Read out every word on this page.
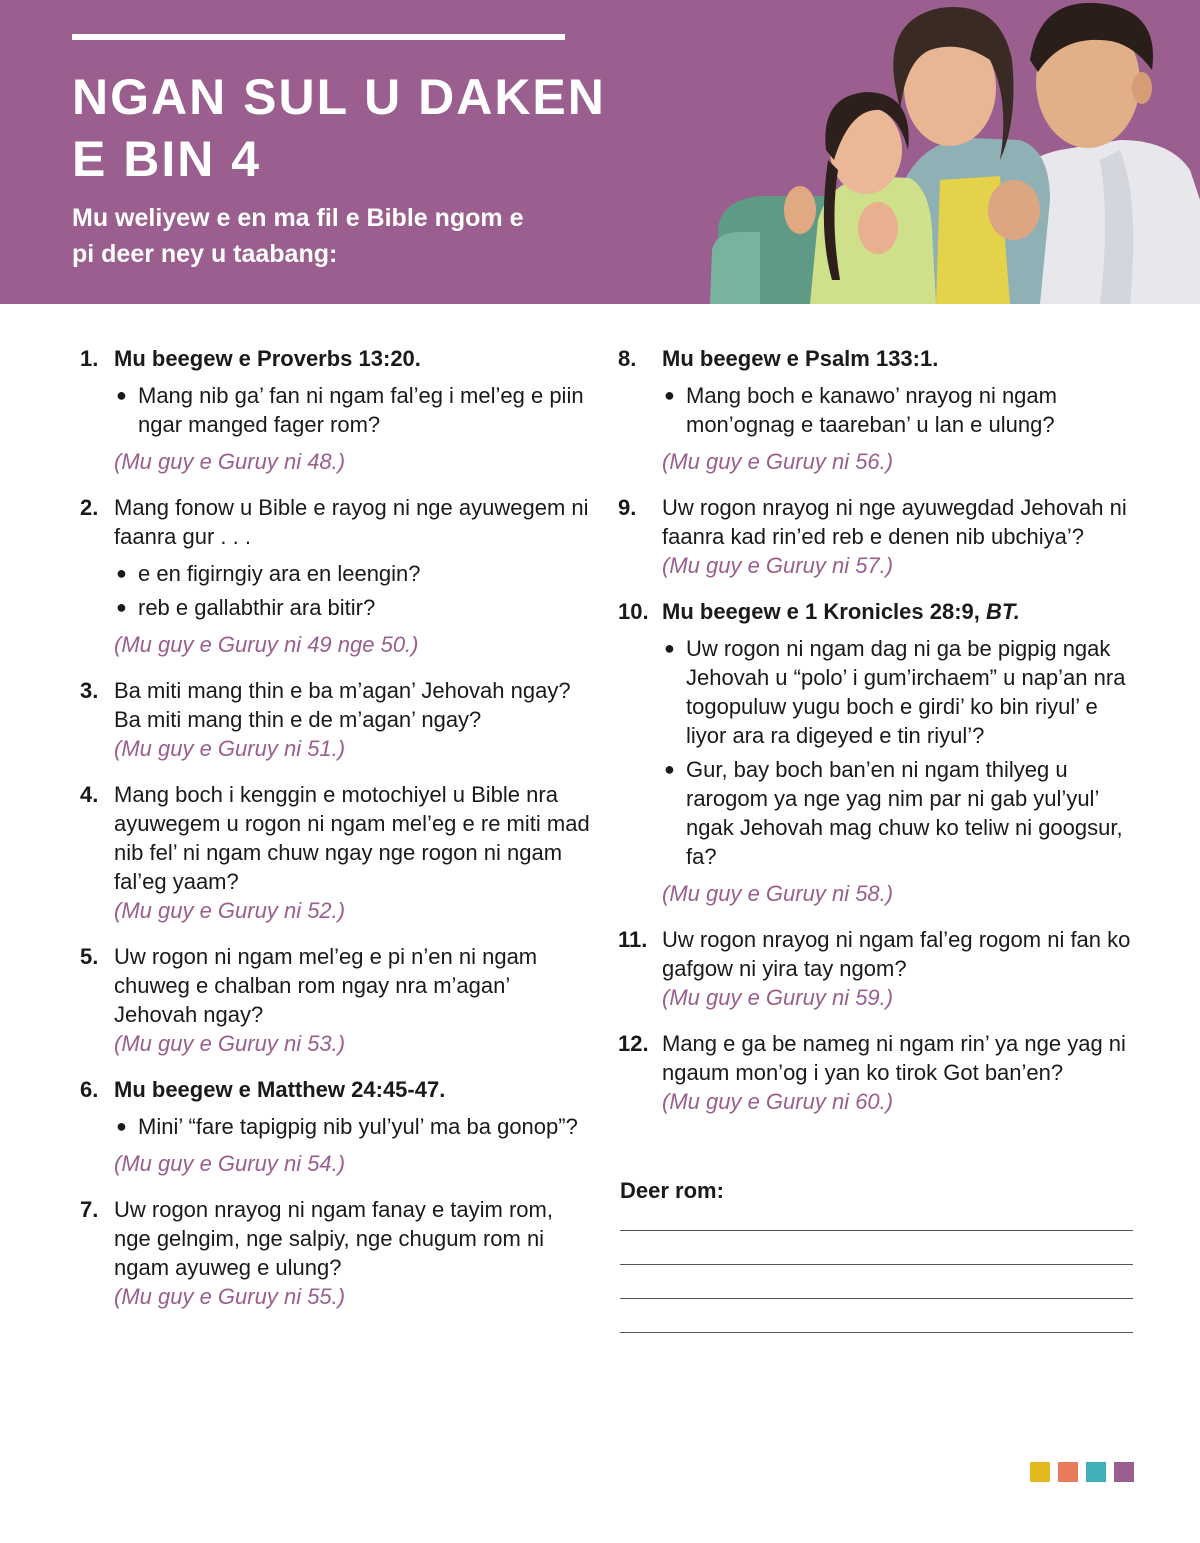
NGAN SUL U DAKEN
E BIN 4
Mu weliyew e en ma fil e Bible ngom e
pi deer ney u taabang:
1. Mu beegew e Proverbs 13:20.
● Mang nib ga’ fan ni ngam fal’eg i mel’eg e piin ngar manged fager rom?
(Mu guy e Guruy ni 48.)
2. Mang fonow u Bible e rayog ni nge ayuwegem ni faanra gur . . .
● e en figirngiy ara en leengin?
● reb e gallabthir ara bitir?
(Mu guy e Guruy ni 49 nge 50.)
3. Ba miti mang thin e ba m’agan’ Jehovah ngay? Ba miti mang thin e de m’agan’ ngay?
(Mu guy e Guruy ni 51.)
4. Mang boch i kenggin e motochiyel u Bible nra ayuwegem u rogon ni ngam mel’eg e re miti mad nib fel’ ni ngam chuw ngay nge rogon ni ngam fal’eg yaam?
(Mu guy e Guruy ni 52.)
5. Uw rogon ni ngam mel’eg e pi n’en ni ngam chuweg e chalban rom ngay nra m’agan’ Jehovah ngay?
(Mu guy e Guruy ni 53.)
6. Mu beegew e Matthew 24:45-47.
● Mini’ “fare tapigpig nib yul’yul’ ma ba gonop”?
(Mu guy e Guruy ni 54.)
7. Uw rogon nrayog ni ngam fanay e tayim rom, nge gelngim, nge salpiy, nge chugum rom ni ngam ayuweg e ulung?
(Mu guy e Guruy ni 55.)
8. Mu beegew e Psalm 133:1.
● Mang boch e kanawo’ nrayog ni ngam mon’ognag e taareban’ u lan e ulung?
(Mu guy e Guruy ni 56.)
9. Uw rogon nrayog ni nge ayuwegdad Jehovah ni faanra kad rin’ed reb e denen nib ubchiya’?
(Mu guy e Guruy ni 57.)
10. Mu beegew e 1 Kronicles 28:9, BT.
● Uw rogon ni ngam dag ni ga be pigpig ngak Jehovah u “polo’ i gum’irchaem” u nap’an nra togopuluw yugu boch e girdi’ ko bin riyul’ e liyor ara ra digeyed e tin riyul’?
● Gur, bay boch ban’en ni ngam thilyeg u rarogom ya nge yag nim par ni gab yul’yul’ ngak Jehovah mag chuw ko teliw ni googsur, fa?
(Mu guy e Guruy ni 58.)
11. Uw rogon nrayog ni ngam fal’eg rogom ni fan ko gafgow ni yira tay ngom?
(Mu guy e Guruy ni 59.)
12. Mang e ga be nameg ni ngam rin’ ya nge yag ni ngaum mon’og i yan ko tirok Got ban’en?
(Mu guy e Guruy ni 60.)
Deer rom:
